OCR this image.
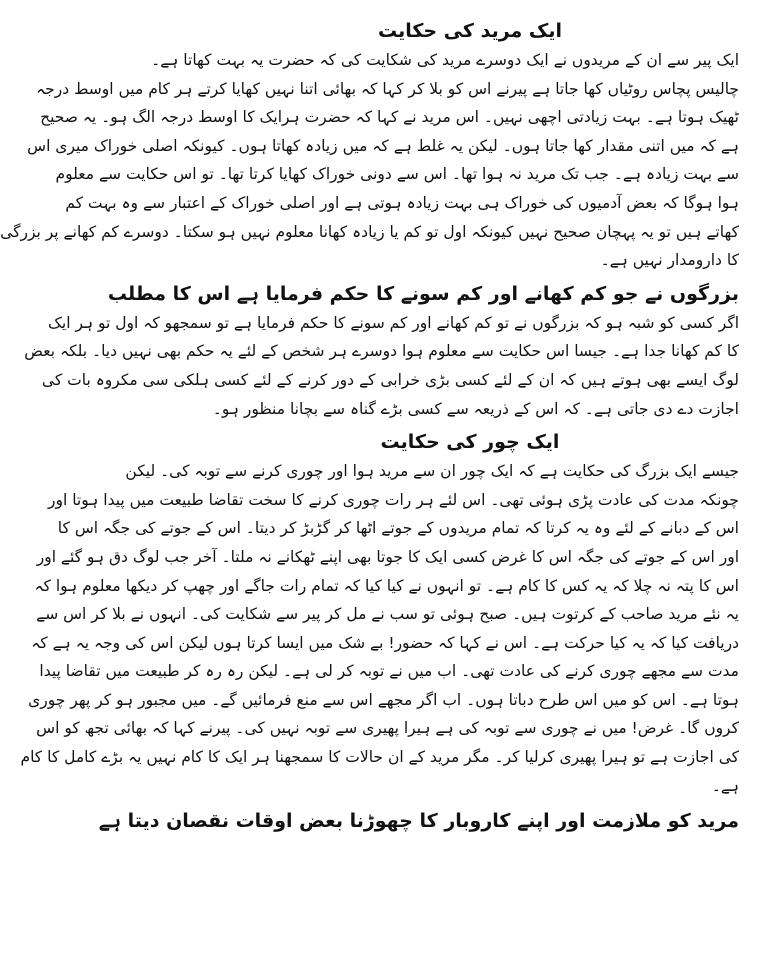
ایک مرید کی حکایت
ایک پیر سے ان کے مریدوں نے ایک دوسرے مرید کی شکایت کی کہ حضرت یہ بہت کھاتا ہے۔
چالیس پچاس روٹیاں کھا جاتا ہے پیرنے اس کو بلا کر کہا کہ بھائی اتنا نہیں کھایا کرتے ہر کام میں اوسط درجہ
ٹھیک ہوتا ہے۔ بہت زیادتی اچھی نہیں۔ اس مرید نے کہا کہ حضرت ہرایک کا اوسط درجہ الگ ہو۔ یہ صحیح
ہے کہ میں اتنی مقدار کھا جاتا ہوں۔ لیکن یہ غلط ہے کہ میں زیادہ کھاتا ہوں۔ کیونکہ اصلی خوراک میری اس
سے بہت زیادہ ہے۔ جب تک مرید نہ ہوا تھا۔ اس سے دونی خوراک کھایا کرتا تھا۔ تو اس حکایت سے معلوم
ہوا ہوگا کہ بعض آدمیوں کی خوراک ہی بہت زیادہ ہوتی ہے اور اصلی خوراک کے اعتبار سے وہ بہت کم
کھاتے ہیں تو یہ پہچان صحیح نہیں کیونکہ اول تو کم یا زیادہ کھانا معلوم نہیں ہو سکتا۔ دوسرے کم کھانے پر بزرگی
کا دارومدار نہیں ہے۔
بزرگوں نے جو کم کھانے اور کم سونے کا حکم فرمایا ہے اس کا مطلب
اگر کسی کو شبہ ہو کہ بزرگوں نے تو کم کھانے اور کم سونے کا حکم فرمایا ہے تو سمجھو کہ اول تو ہر ایک
کا کم کھانا جدا ہے۔ جیسا اس حکایت سے معلوم ہوا دوسرے ہر شخص کے لئے یہ حکم بھی نہیں دیا۔ بلکہ بعض
لوگ ایسے بھی ہوتے ہیں کہ ان کے لئے کسی بڑی خرابی کے دور کرنے کے لئے کسی ہلکی سی مکروہ بات کی
اجازت دے دی جاتی ہے۔ کہ اس کے ذریعہ سے کسی بڑے گناہ سے بچانا منظور ہو۔
ایک چور کی حکایت
جیسے ایک بزرگ کی حکایت ہے کہ ایک چور ان سے مرید ہوا اور چوری کرنے سے توبہ کی۔ لیکن
چونکہ مدت کی عادت پڑی ہوئی تھی۔ اس لئے ہر رات چوری کرنے کا سخت تقاضا طبیعت میں پیدا ہوتا اور
اس کے دبانے کے لئے وہ یہ کرتا کہ تمام مریدوں کے جوتے اٹھا کر گڑبڑ کر دیتا۔ اس کے جوتے کی جگہ اس کا
اور اس کے جوتے کی جگہ اس کا غرض کسی ایک کا جوتا بھی اپنے ٹھکانے نہ ملتا۔ آخر جب لوگ دق ہو گئے اور
اس کا پتہ نہ چلا کہ یہ کس کا کام ہے۔ تو انہوں نے کیا کیا کہ تمام رات جاگے اور چھپ کر دیکھا معلوم ہوا کہ
یہ نئے مرید صاحب کے کرتوت ہیں۔ صبح ہوئی تو سب نے مل کر پیر سے شکایت کی۔ انہوں نے بلا کر اس سے
دریافت کیا کہ یہ کیا حرکت ہے۔ اس نے کہا کہ حضور! بے شک میں ایسا کرتا ہوں لیکن اس کی وجہ یہ ہے کہ
مدت سے مجھے چوری کرنے کی عادت تھی۔ اب میں نے توبہ کر لی ہے۔ لیکن رہ رہ کر طبیعت میں تقاضا پیدا
ہوتا ہے۔ اس کو میں اس طرح دباتا ہوں۔ اب اگر مجھے اس سے منع فرمائیں گے۔ میں مجبور ہو کر پھر چوری
کروں گا۔ غرض! میں نے چوری سے توبہ کی ہے ہیرا پھیری سے توبہ نہیں کی۔ پیرنے کہا کہ بھائی تجھ کو اس
کی اجازت ہے تو ہیرا پھیری کرلیا کر۔ مگر مرید کے ان حالات کا سمجھنا ہر ایک کا کام نہیں یہ بڑے کامل کا کام
ہے۔
مرید کو ملازمت اور اپنے کاروبار کا چھوڑنا بعض اوقات نقصان دیتا ہے
